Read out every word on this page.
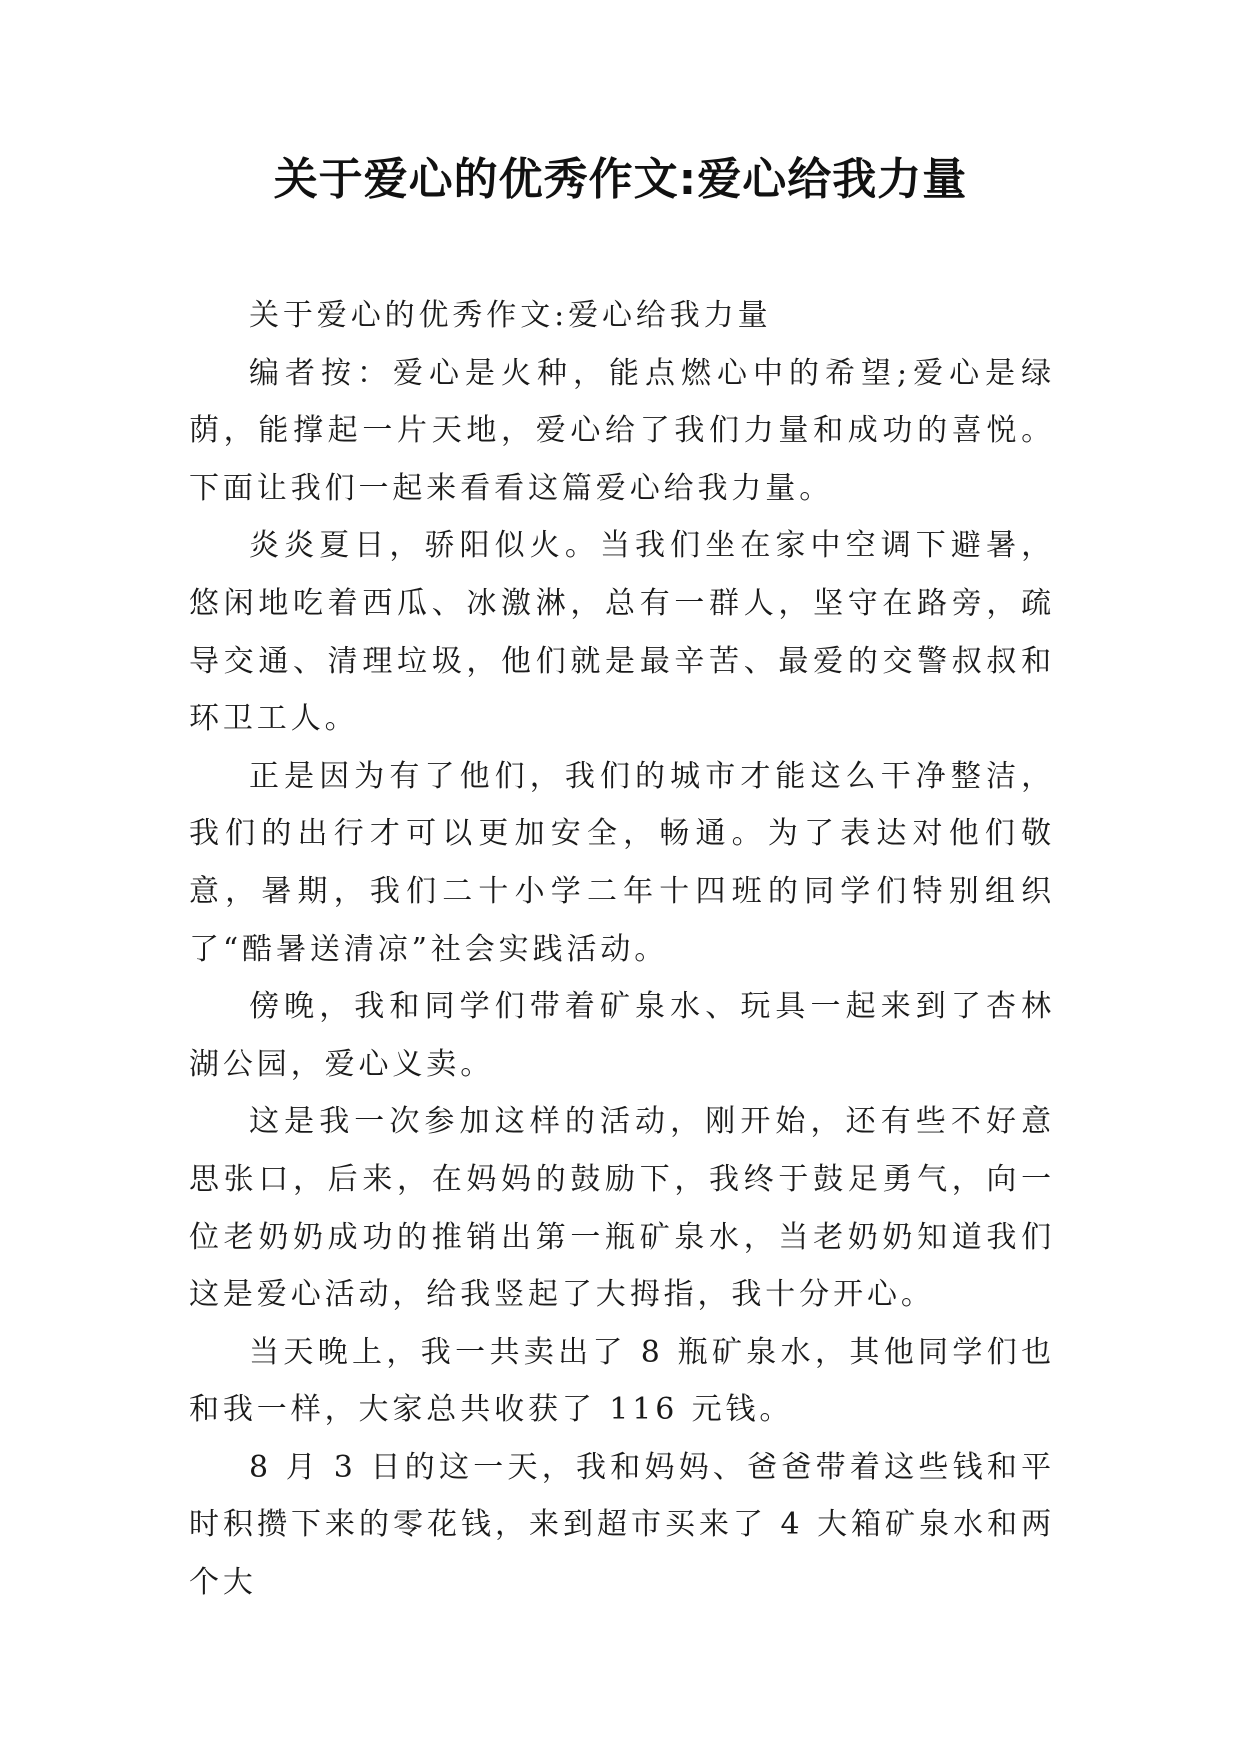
关于爱心的优秀作文:爱心给我力量

关于爱心的优秀作文:爱心给我力量

编者按：爱心是火种，能点燃心中的希望;爱心是绿荫，能撑起一片天地，爱心给了我们力量和成功的喜悦。下面让我们一起来看看这篇爱心给我力量。

炎炎夏日，骄阳似火。当我们坐在家中空调下避暑，悠闲地吃着西瓜、冰激淋，总有一群人，坚守在路旁，疏导交通、清理垃圾，他们就是最辛苦、最爱的交警叔叔和环卫工人。

正是因为有了他们，我们的城市才能这么干净整洁，我们的出行才可以更加安全，畅通。为了表达对他们敬意，暑期，我们二十小学二年十四班的同学们特别组织了“酷暑送清凉”社会实践活动。

傍晚，我和同学们带着矿泉水、玩具一起来到了杏林湖公园，爱心义卖。

这是我一次参加这样的活动，刚开始，还有些不好意思张口，后来，在妈妈的鼓励下，我终于鼓足勇气，向一位老奶奶成功的推销出第一瓶矿泉水，当老奶奶知道我们这是爱心活动，给我竖起了大拇指，我十分开心。

当天晚上，我一共卖出了 8 瓶矿泉水，其他同学们也和我一样，大家总共收获了 116 元钱。

8 月 3 日的这一天，我和妈妈、爸爸带着这些钱和平时积攒下来的零花钱，来到超市买来了 4 大箱矿泉水和两个大
